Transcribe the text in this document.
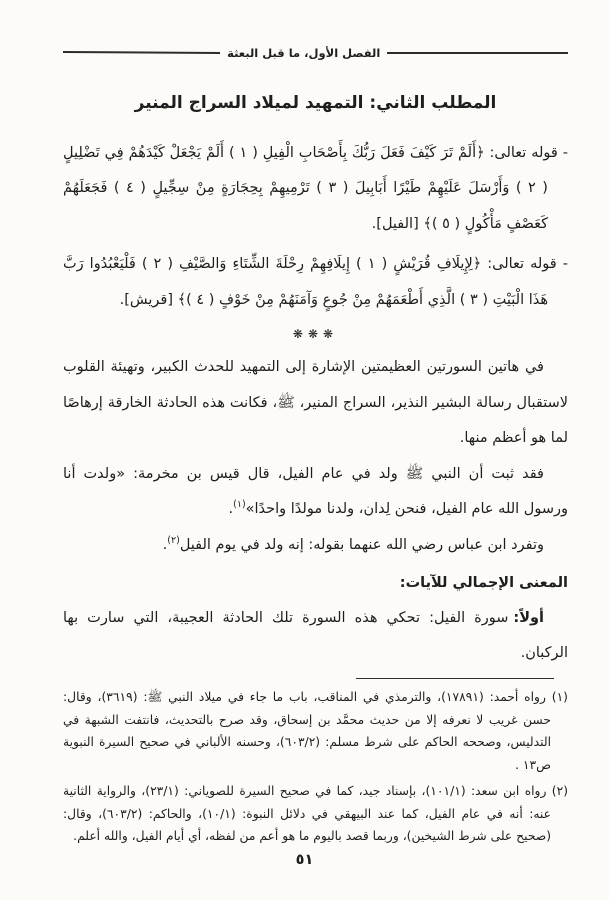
الفصل الأول، ما قبل البعثة
المطلب الثاني: التمهيد لميلاد السراج المنير
- قوله تعالى: ﴿أَلَمْ تَرَ كَيْفَ فَعَلَ رَبُّكَ بِأَصْحَابِ الْفِيلِ ( ١ ) أَلَمْ يَجْعَلْ كَيْدَهُمْ فِي تَضْلِيلٍ ( ٢ ) وَأَرْسَلَ عَلَيْهِمْ طَيْرًا أَبَابِيلَ ( ٣ ) تَرْمِيهِمْ بِحِجَارَةٍ مِنْ سِجِّيلٍ ( ٤ ) فَجَعَلَهُمْ كَعَصْفٍ مَأْكُولٍ ( ٥ )﴾ [الفيل].
- قوله تعالى: ﴿لِإِيلَافِ قُرَيْشٍ ( ١ ) إِيلَافِهِمْ رِحْلَةَ الشِّتَاءِ وَالصَّيْفِ ( ٢ ) فَلْيَعْبُدُوا رَبَّ هَذَا الْبَيْتِ ( ٣ ) الَّذِي أَطْعَمَهُمْ مِنْ جُوعٍ وَآمَنَهُمْ مِنْ خَوْفٍ ( ٤ )﴾ [قريش].
❋❋❋

في هاتين السورتين العظيمتين الإشارة إلى التمهيد للحدث الكبير، وتهيئة القلوب لاستقبال رسالة البشير النذير، السراج المنير، ﷺ، فكانت هذه الحادثة الخارقة إرهاصًا لما هو أعظم منها.

فقد ثبت أن النبي ﷺ ولد في عام الفيل، قال قيس بن مخرمة: «ولدت أنا ورسول الله عام الفيل، فنحن لِدان، ولدنا مولدًا واحدًا»$^{(١)}$.

وتفرد ابن عباس رضي الله عنهما بقوله: إنه ولد في يوم الفيل$^{(٢)}$.

المعنى الإجمالي للآيات:

أولاً:سورة الفيل: تحكي هذه السورة تلك الحادثة العجيبة، التي سارت بها الركبان.

(١) رواه أحمد: (١٧٨٩١)، والترمذي في المناقب، باب ما جاء في ميلاد النبي ﷺ: (٣٦١٩)، وقال: حسن غريب لا نعرفه إلا من حديث محمَّد بن إسحاق، وقد صرح بالتحديث، فانتفت الشبهة في التدليس، وصححه الحاكم على شرط مسلم: (٦٠٣/٢)، وحسنه الألباني في صحيح السيرة النبوية ص١٣ .

(٢) رواه ابن سعد: (١٠١/١)، بإسناد جيد، كما في صحيح السيرة للصوياني: (٢٣/١)، والرواية الثانية عنه: أنه في عام الفيل، كما عند البيهقي في دلائل النبوة: (١٠/١)، والحاكم: (٦٠٣/٢)، وقال: (صحيح على شرط الشيخين)، وربما قصد باليوم ما هو أعم من لفظه، أي أيام الفيل، والله أعلم.

٥١
